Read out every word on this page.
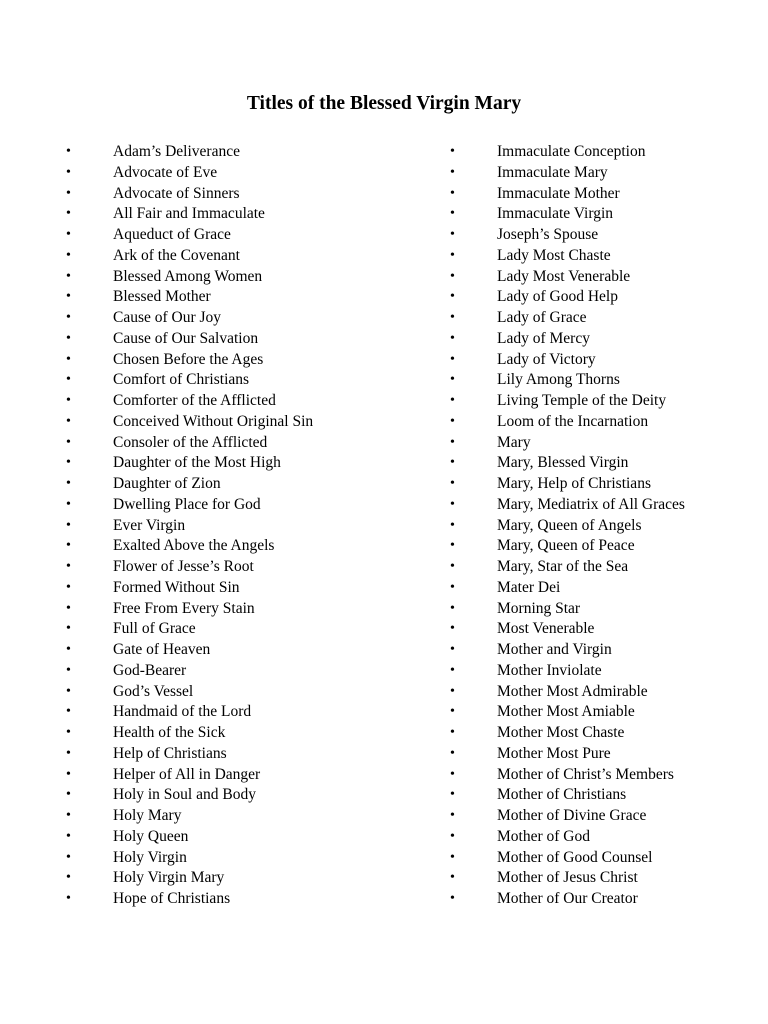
Titles of the Blessed Virgin Mary
•	Adam’s Deliverance
•	Advocate of Eve
•	Advocate of Sinners
•	All Fair and Immaculate
•	Aqueduct of Grace
•	Ark of the Covenant
•	Blessed Among Women
•	Blessed Mother
•	Cause of Our Joy
•	Cause of Our Salvation
•	Chosen Before the Ages
•	Comfort of Christians
•	Comforter of the Afflicted
•	Conceived Without Original Sin
•	Consoler of the Afflicted
•	Daughter of the Most High
•	Daughter of Zion
•	Dwelling Place for God
•	Ever Virgin
•	Exalted Above the Angels
•	Flower of Jesse’s Root
•	Formed Without Sin
•	Free From Every Stain
•	Full of Grace
•	Gate of Heaven
•	God-Bearer
•	God’s Vessel
•	Handmaid of the Lord
•	Health of the Sick
•	Help of Christians
•	Helper of All in Danger
•	Holy in Soul and Body
•	Holy Mary
•	Holy Queen
•	Holy Virgin
•	Holy Virgin Mary
•	Hope of Christians
•	Immaculate Conception
•	Immaculate Mary
•	Immaculate Mother
•	Immaculate Virgin
•	Joseph’s Spouse
•	Lady Most Chaste
•	Lady Most Venerable
•	Lady of Good Help
•	Lady of Grace
•	Lady of Mercy
•	Lady of Victory
•	Lily Among Thorns
•	Living Temple of the Deity
•	Loom of the Incarnation
•	Mary
•	Mary, Blessed Virgin
•	Mary, Help of Christians
•	Mary, Mediatrix of All Graces
•	Mary, Queen of Angels
•	Mary, Queen of Peace
•	Mary, Star of the Sea
•	Mater Dei
•	Morning Star
•	Most Venerable
•	Mother and Virgin
•	Mother Inviolate
•	Mother Most Admirable
•	Mother Most Amiable
•	Mother Most Chaste
•	Mother Most Pure
•	Mother of Christ’s Members
•	Mother of Christians
•	Mother of Divine Grace
•	Mother of God
•	Mother of Good Counsel
•	Mother of Jesus Christ
•	Mother of Our Creator
